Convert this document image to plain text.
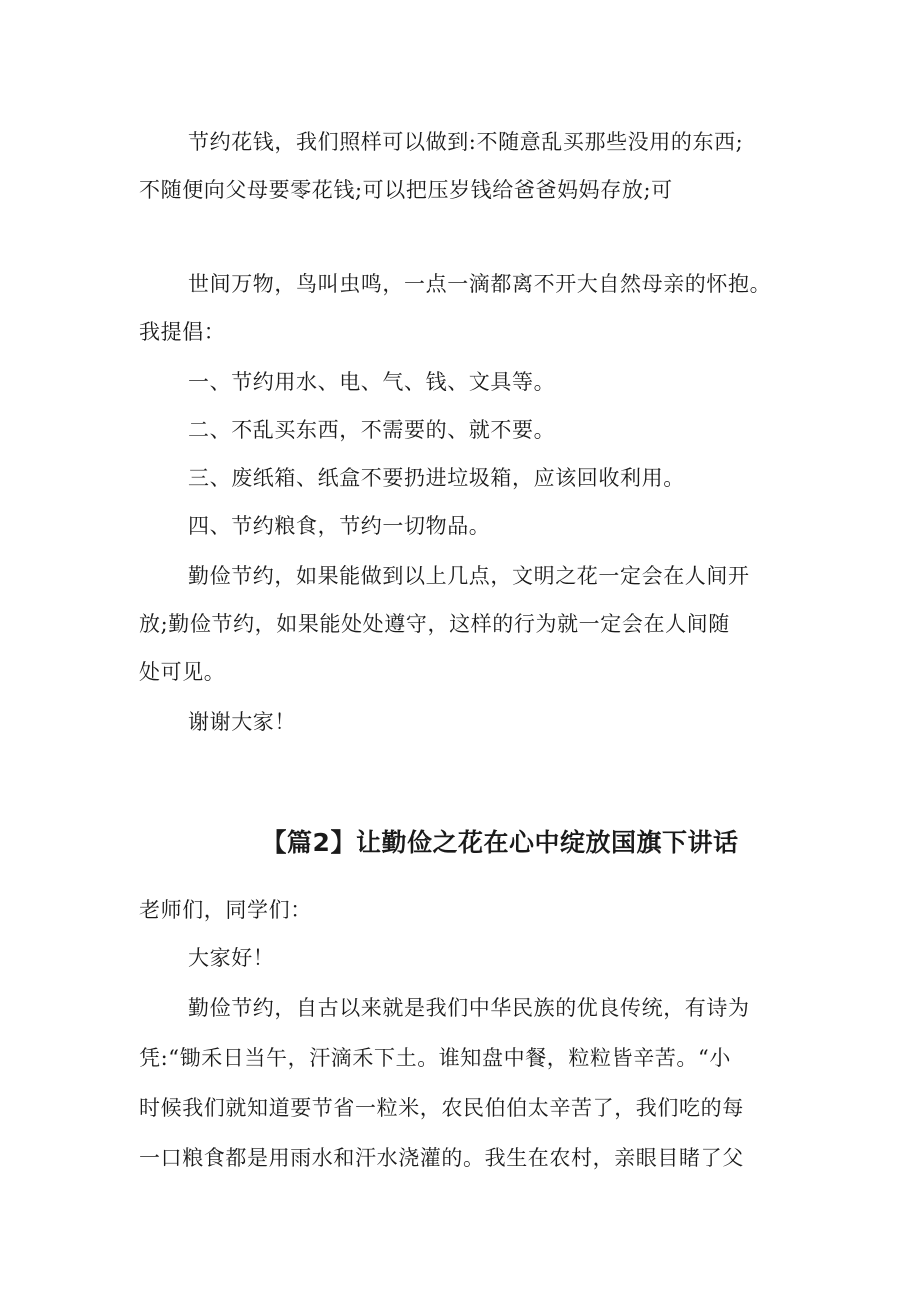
节约花钱，我们照样可以做到:不随意乱买那些没用的东西;
不随便向父母要零花钱;可以把压岁钱给爸爸妈妈存放;可
世间万物，鸟叫虫鸣，一点一滴都离不开大自然母亲的怀抱。
我提倡：
一、节约用水、电、气、钱、文具等。
二、不乱买东西，不需要的、就不要。
三、废纸箱、纸盒不要扔进垃圾箱，应该回收利用。
四、节约粮食，节约一切物品。
勤俭节约，如果能做到以上几点，文明之花一定会在人间开
放;勤俭节约，如果能处处遵守，这样的行为就一定会在人间随
处可见。
谢谢大家！
【篇2】让勤俭之花在心中绽放国旗下讲话
老师们，同学们：
大家好！
勤俭节约，自古以来就是我们中华民族的优良传统，有诗为
凭:“锄禾日当午，汗滴禾下土。谁知盘中餐，粒粒皆辛苦。“小
时候我们就知道要节省一粒米，农民伯伯太辛苦了，我们吃的每
一口粮食都是用雨水和汗水浇灌的。我生在农村，亲眼目睹了父
